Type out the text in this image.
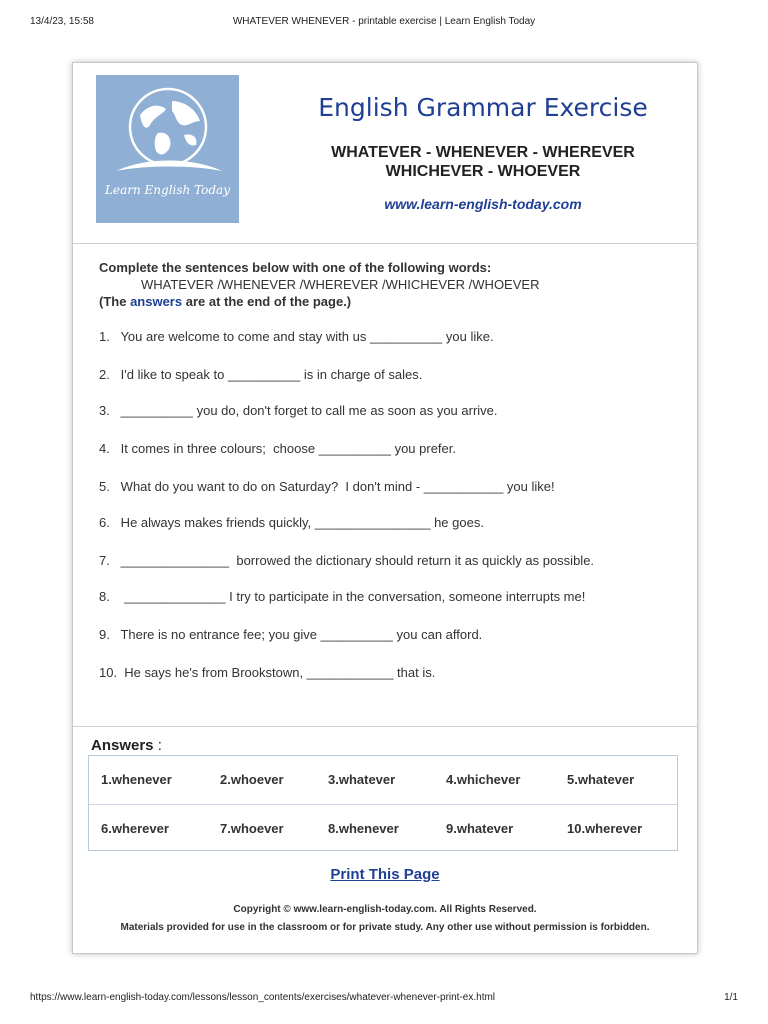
13/4/23, 15:58	WHATEVER WHENEVER - printable exercise | Learn English Today
Learn English Today
English Grammar Exercise
WHATEVER - WHENEVER - WHEREVER
WHICHEVER - WHOEVER
www.learn-english-today.com
Complete the sentences below with one of the following words:
WHATEVER /WHENEVER /WHEREVER /WHICHEVER /WHOEVER
(The answers are at the end of the page.)
1.   You are welcome to come and stay with us __________ you like.
2.   I'd like to speak to __________ is in charge of sales.
3.   __________ you do, don't forget to call me as soon as you arrive.
4.   It comes in three colours;  choose __________ you prefer.
5.   What do you want to do on Saturday?  I don't mind - ___________ you like!
6.   He always makes friends quickly, ________________ he goes.
7.   _______________  borrowed the dictionary should return it as quickly as possible.
8.    ______________ I try to participate in the conversation, someone interrupts me!
9.   There is no entrance fee; you give __________ you can afford.
10.  He says he's from Brookstown, ____________ that is.
Answers :
1.whenever	2.whoever	3.whatever	4.whichever	5.whatever
6.wherever	7.whoever	8.whenever	9.whatever	10.wherever
Print This Page
Copyright © www.learn-english-today.com. All Rights Reserved.
Materials provided for use in the classroom or for private study. Any other use without permission is forbidden.
https://www.learn-english-today.com/lessons/lesson_contents/exercises/whatever-whenever-print-ex.html	1/1
